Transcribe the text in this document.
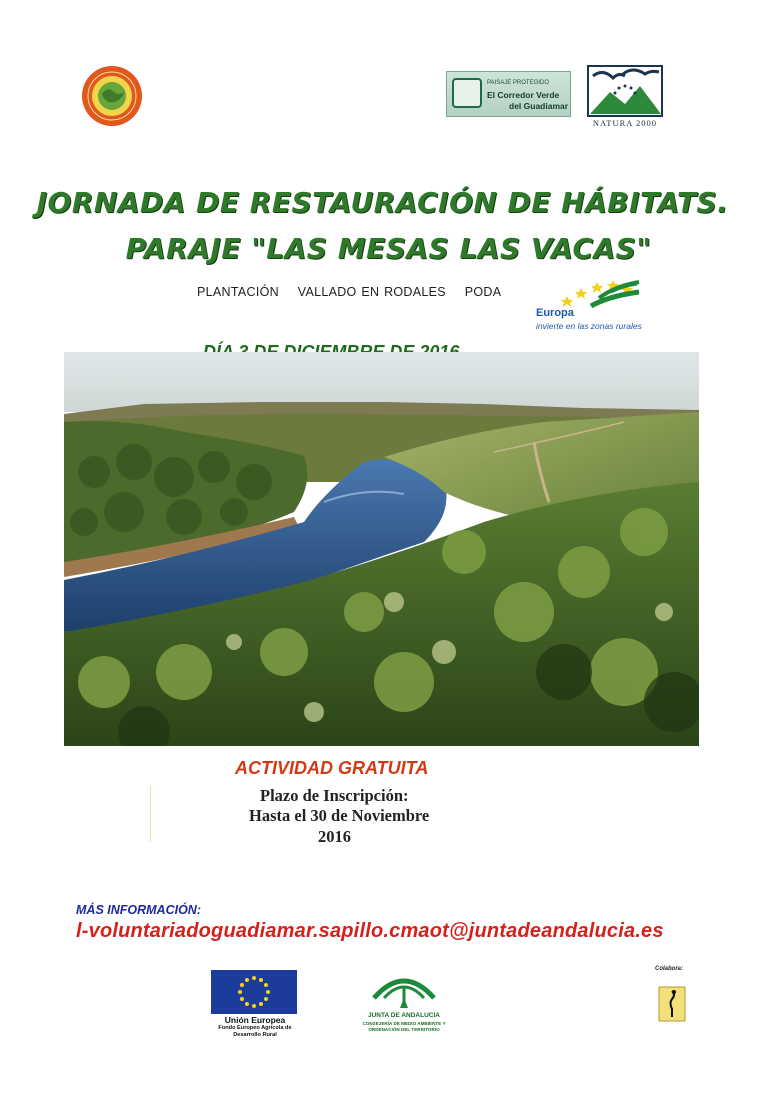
PAISAJE PROTEGIDO
El Corredor Verde
del Guadiamar
NATURA 2000
JORNADA DE RESTAURACIÓN DE HÁBITATS.
PARAJE "LAS MESAS LAS VACAS"
PLANTACIÓN VALLADO EN RODALES PODA
Europa
invierte en las zonas rurales
ACTIVIDAD GRATUITA
Plazo de Inscripción:
Hasta el 30 de Noviembre
2016
MÁS INFORMACIÓN:
l-voluntariadoguadiamar.sapillo.cmaot@juntadeandalucia.es
Unión Europea
Fondo Europeo Agrícola de Desarrollo Rural
JUNTA DE ANDALUCIA
CONSEJERÍA DE MEDIO AMBIENTE Y ORDENACIÓN DEL TERRITORIO
Colabora:
